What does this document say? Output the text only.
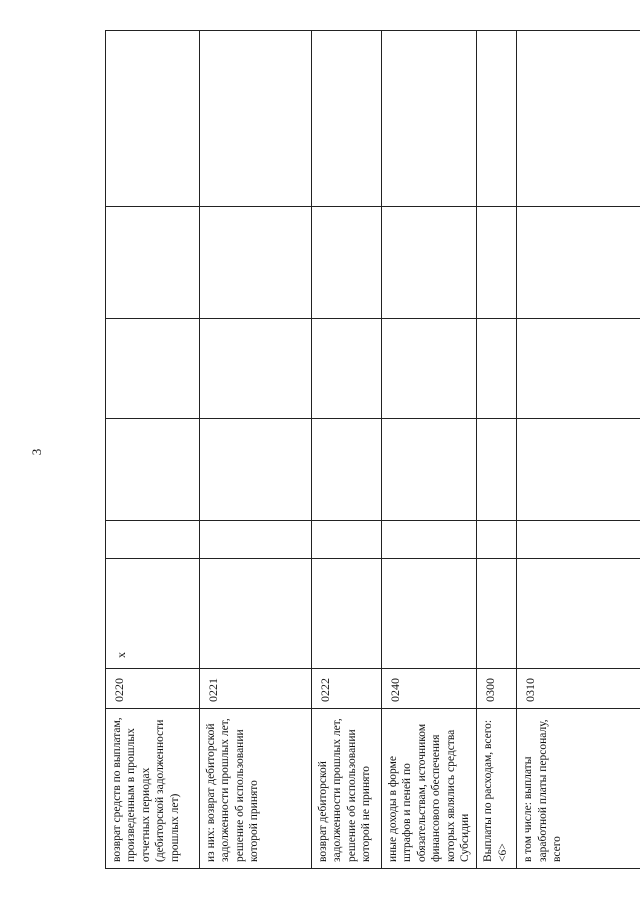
3
возврат средств по выплатам, произведенным в прошлых отчетных периодах (дебиторской задолженности прошлых лет)	0220	x					
из них: возврат дебиторской задолженности прошлых лет, решение об использовании которой принято	0221						
возврат дебиторской задолженности прошлых лет, решение об использовании которой не принято	0222						
иные доходы в форме штрафов и пеней по обязательствам, источником финансового обеспечения которых являлись средства Субсидии	0240						
Выплаты по расходам, всего: <6>	0300						
в том числе: выплаты заработной платы персоналу, всего	0310						
